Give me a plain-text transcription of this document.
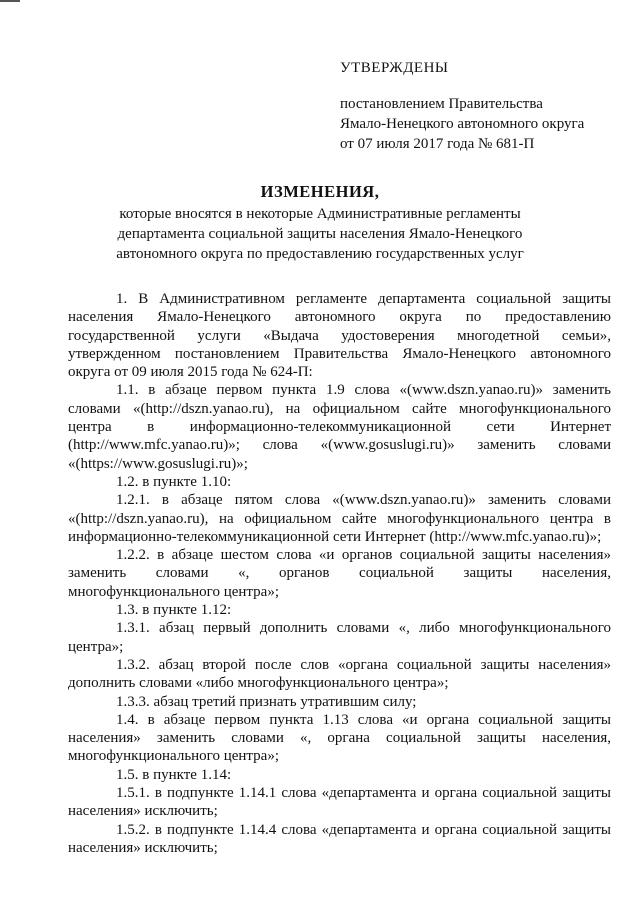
УТВЕРЖДЕНЫ
постановлением Правительства
Ямало-Ненецкого автономного округа
от 07 июля 2017 года № 681-П
ИЗМЕНЕНИЯ,
которые вносятся в некоторые Административные регламенты
департамента социальной защиты населения Ямало-Ненецкого
автономного округа по предоставлению государственных услуг

1. В Административном регламенте департамента социальной защиты населения Ямало-Ненецкого автономного округа по предоставлению государственной услуги «Выдача удостоверения многодетной семьи», утвержденном постановлением Правительства Ямало-Ненецкого автономного округа от 09 июля 2015 года № 624-П:

1.1. в абзаце первом пункта 1.9 слова «(www.dszn.yanao.ru)» заменить словами «(http://dszn.yanao.ru), на официальном сайте многофункционального центра в информационно-телекоммуникационной сети Интернет (http://www.mfc.yanao.ru)»; слова «(www.gosuslugi.ru)» заменить словами «(https://www.gosuslugi.ru)»;

1.2. в пункте 1.10:

1.2.1. в абзаце пятом слова «(www.dszn.yanao.ru)» заменить словами «(http://dszn.yanao.ru), на официальном сайте многофункционального центра в информационно-телекоммуникационной сети Интернет (http://www.mfc.yanao.ru)»;

1.2.2. в абзаце шестом слова «и органов социальной защиты населения» заменить словами «, органов социальной защиты населения, многофункционального центра»;

1.3. в пункте 1.12:

1.3.1. абзац первый дополнить словами «, либо многофункционального центра»;

1.3.2. абзац второй после слов «органа социальной защиты населения» дополнить словами «либо многофункционального центра»;

1.3.3. абзац третий признать утратившим силу;

1.4. в абзаце первом пункта 1.13 слова «и органа социальной защиты населения» заменить словами «, органа социальной защиты населения, многофункционального центра»;

1.5. в пункте 1.14:

1.5.1. в подпункте 1.14.1 слова «департамента и органа социальной защиты населения» исключить;

1.5.2. в подпункте 1.14.4 слова «департамента и органа социальной защиты населения» исключить;
